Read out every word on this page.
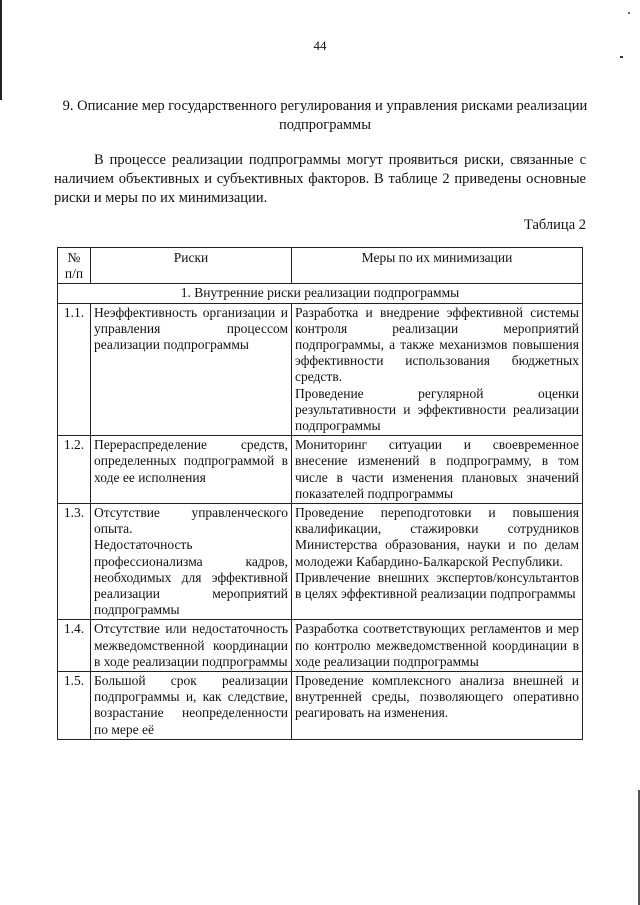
44
9. Описание мер государственного регулирования и управления рисками реализации подпрограммы
В процессе реализации подпрограммы могут проявиться риски, связанные с наличием объективных и субъективных факторов. В таблице 2 приведены основные риски и меры по их минимизации.
Таблица 2
№ п/п	Риски	Меры по их минимизации
1. Внутренние риски реализации подпрограммы		
1.1.	Неэффективность организации и управления процессом реализации подпрограммы	Разработка и внедрение эффективной системы контроля реализации мероприятий подпрограммы, а также механизмов повышения эффективности использования бюджетных средств.
Проведение регулярной оценки результативности и эффективности реализации подпрограммы

1.2.	Перераспределение средств, определенных подпрограммой в ходе ее исполнения	Мониторинг ситуации и своевременное внесение изменений в подпрограмму, в том числе в части изменения плановых значений показателей подпрограммы

1.3.	Отсутствие управленческого опыта.
Недостаточность профессионализма кадров, необходимых для эффективной реализации мероприятий подпрограммы	Проведение переподготовки и повышения квалификации, стажировки сотрудников Министерства образования, науки и по делам молодежи Кабардино-Балкарской Республики.
Привлечение внешних экспертов/консультантов в целях эффективной реализации подпрограммы

1.4.	Отсутствие или недостаточность межведомственной координации в ходе реализации подпрограммы	Разработка соответствующих регламентов и мер по контролю межведомственной координации в ходе реализации подпрограммы

1.5.	Большой срок реализации подпрограммы и, как следствие, возрастание неопределенности по мере её	Проведение комплексного анализа внешней и внутренней среды, позволяющего оперативно реагировать на изменения.
